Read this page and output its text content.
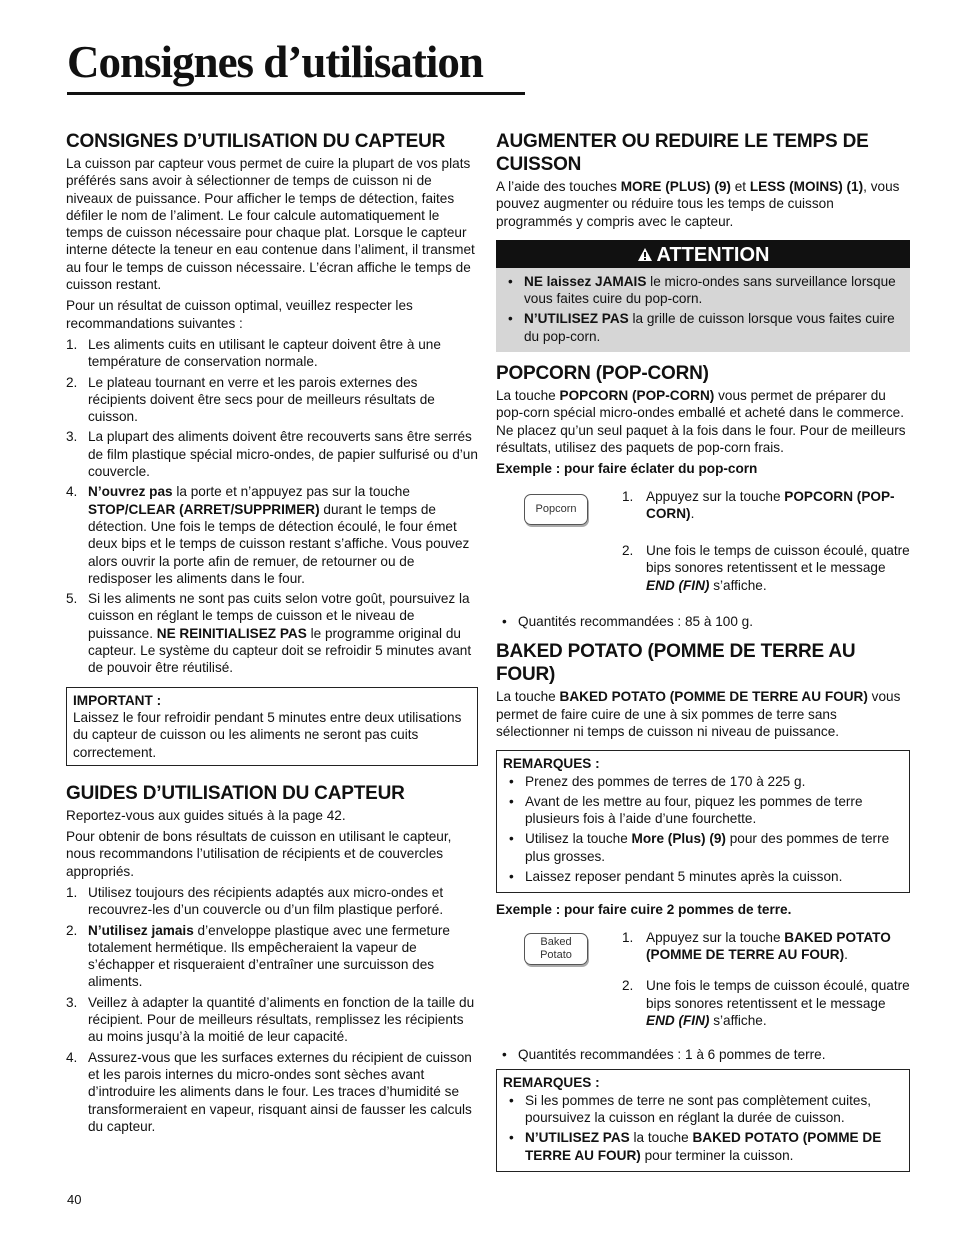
Consignes d’utilisation
CONSIGNES D’UTILISATION DU CAPTEUR

La cuisson par capteur vous permet de cuire la plupart de vos plats préférés sans avoir à sélectionner de temps de cuisson ni de niveaux de puissance. Pour afficher le temps de détection, faites défiler le nom de l’aliment. Le four calcule automatiquement le temps de cuisson nécessaire pour chaque plat. Lorsque le capteur interne détecte la teneur en eau contenue dans l’aliment, il transmet au four le temps de cuisson nécessaire. L’écran affiche le temps de cuisson restant.

Pour un résultat de cuisson optimal, veuillez respecter les recommandations suivantes :

1. Les aliments cuits en utilisant le capteur doivent être à une température de conservation normale.
2. Le plateau tournant en verre et les parois externes des récipients doivent être secs pour de meilleurs résultats de cuisson.
3. La plupart des aliments doivent être recouverts sans être serrés de film plastique spécial micro-ondes, de papier sulfurisé ou d’un couvercle.
4. N’ouvrez pas la porte et n’appuyez pas sur la touche STOP/CLEAR (ARRET/SUPPRIMER) durant le temps de détection. Une fois le temps de détection écoulé, le four émet deux bips et le temps de cuisson restant s’affiche. Vous pouvez alors ouvrir la porte afin de remuer, de retourner ou de redisposer les aliments dans le four.
5. Si les aliments ne sont pas cuits selon votre goût, poursuivez la cuisson en réglant le temps de cuisson et le niveau de puissance. NE REINITIALISEZ PAS le programme original du capteur. Le système du capteur doit se refroidir 5 minutes avant de pouvoir être réutilisé.
IMPORTANT :
Laissez le four refroidir pendant 5 minutes entre deux utilisations du capteur de cuisson ou les aliments ne seront pas cuits correctement.
GUIDES D’UTILISATION DU CAPTEUR

Reportez-vous aux guides situés à la page 42.

Pour obtenir de bons résultats de cuisson en utilisant le capteur, nous recommandons l’utilisation de récipients et de couvercles appropriés.

1. Utilisez toujours des récipients adaptés aux micro-ondes et recouvrez-les d’un couvercle ou d’un film plastique perforé.
2. N’utilisez jamais d’enveloppe plastique avec une fermeture totalement hermétique. Ils empêcheraient la vapeur de s’échapper et risqueraient d’entraîner une surcuisson des aliments.
3. Veillez à adapter la quantité d’aliments en fonction de la taille du récipient. Pour de meilleurs résultats, remplissez les récipients au moins jusqu’à la moitié de leur capacité.
4. Assurez-vous que les surfaces externes du récipient de cuisson et les parois internes du micro-ondes sont sèches avant d’introduire les aliments dans le four. Les traces d’humidité se transformeraient en vapeur, risquant ainsi de fausser les calculs du capteur.
AUGMENTER OU REDUIRE LE TEMPS DE CUISSON

A l’aide des touches MORE (PLUS) (9) et LESS (MOINS) (1), vous pouvez augmenter ou réduire tous les temps de cuisson programmés y compris avec le capteur.

ATTENTION
• NE laissez JAMAIS le micro-ondes sans surveillance lorsque vous faites cuire du pop-corn.
• N’UTILISEZ PAS la grille de cuisson lorsque vous faites cuire du pop-corn.
POPCORN (POP-CORN)

La touche POPCORN (POP-CORN) vous permet de préparer du pop-corn spécial micro-ondes emballé et acheté dans le commerce. Ne placez qu’un seul paquet à la fois dans le four. Pour de meilleurs résultats, utilisez des paquets de pop-corn frais.

Exemple : pour faire éclater du pop-corn

Popcorn
1. Appuyez sur la touche POPCORN (POP-CORN).
2. Une fois le temps de cuisson écoulé, quatre bips sonores retentissent et le message END (FIN) s’affiche.
• Quantités recommandées : 85 à 100 g.
BAKED POTATO (POMME DE TERRE AU FOUR)

La touche BAKED POTATO (POMME DE TERRE AU FOUR) vous permet de faire cuire de une à six pommes de terre sans sélectionner ni temps de cuisson ni niveau de puissance.

REMARQUES :
• Prenez des pommes de terres de 170 à 225 g.
• Avant de les mettre au four, piquez les pommes de terre plusieurs fois à l’aide d’une fourchette.
• Utilisez la touche More (Plus) (9) pour des pommes de terre plus grosses.
• Laissez reposer pendant 5 minutes après la cuisson.

Exemple : pour faire cuire 2 pommes de terre.

Baked
Potato
1. Appuyez sur la touche BAKED POTATO (POMME DE TERRE AU FOUR).
2. Une fois le temps de cuisson écoulé, quatre bips sonores retentissent et le message END (FIN) s’affiche.
• Quantités recommandées : 1 à 6 pommes de terre.
REMARQUES :
• Si les pommes de terre ne sont pas complètement cuites, poursuivez la cuisson en réglant la durée de cuisson.
• N’UTILISEZ PAS la touche BAKED POTATO (POMME DE TERRE AU FOUR) pour terminer la cuisson.
40
